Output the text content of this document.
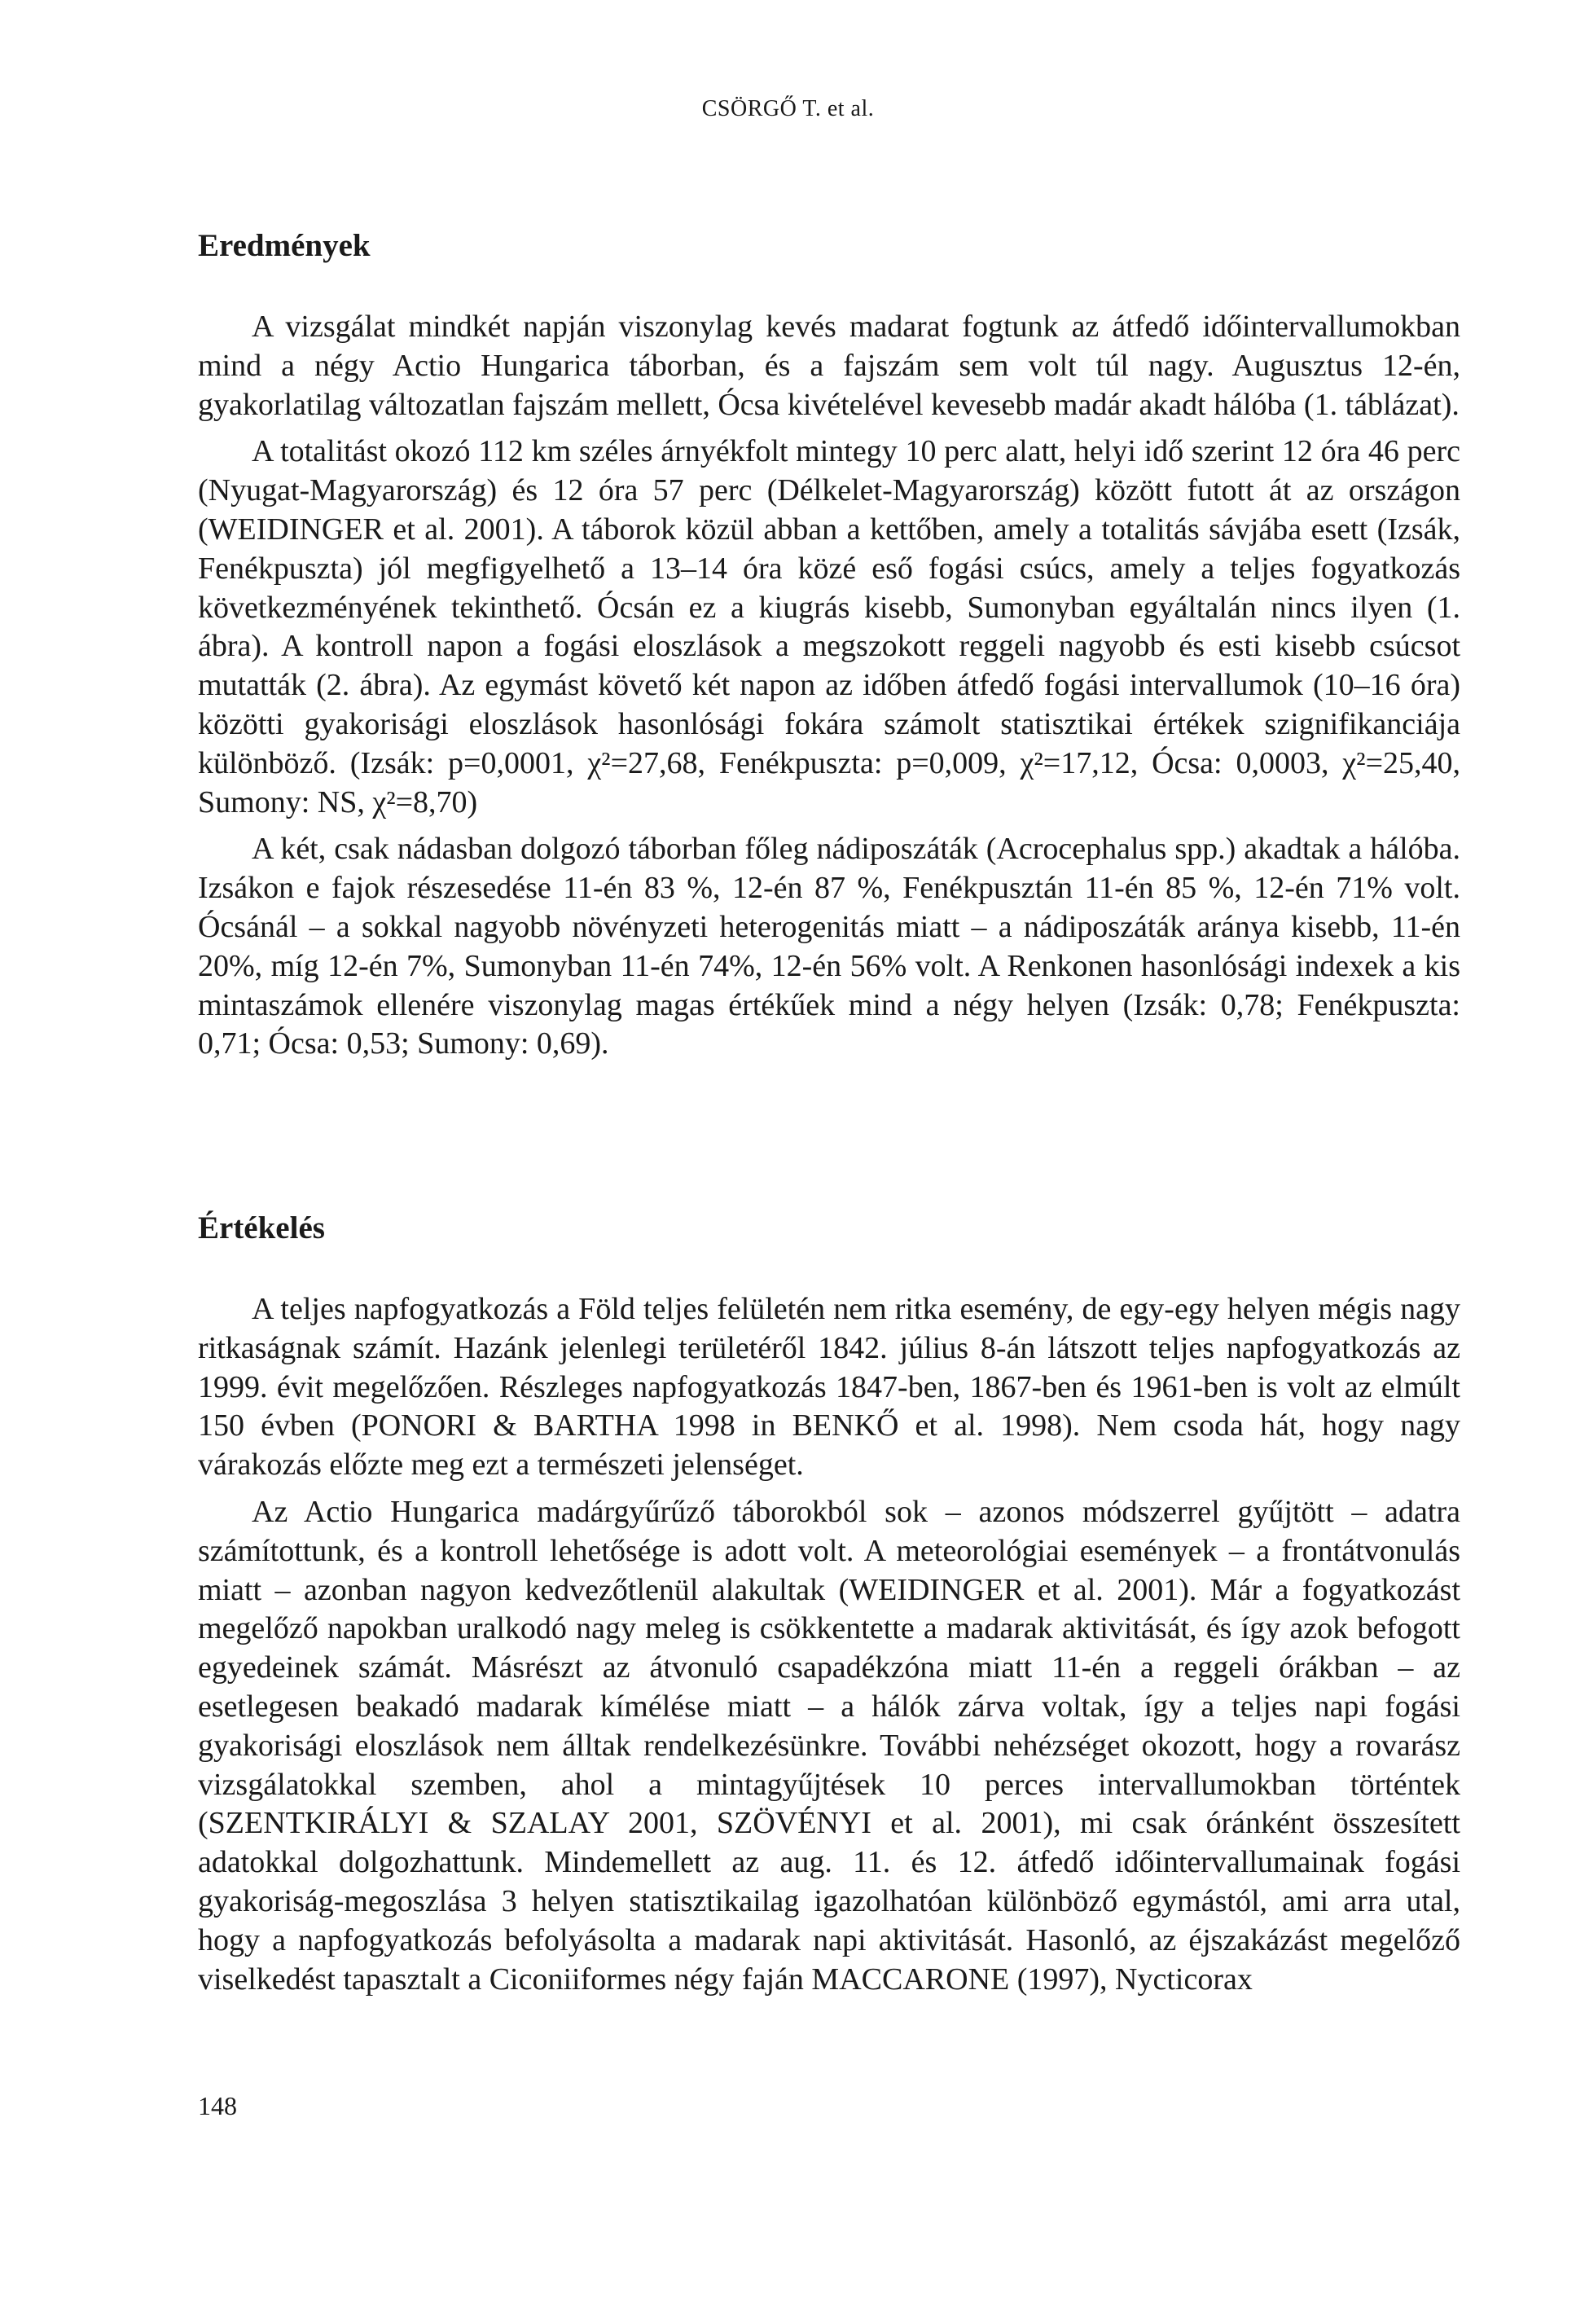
CSÖRGŐ T. et al.
Eredmények

A vizsgálat mindkét napján viszonylag kevés madarat fogtunk az átfedő időintervallumokban mind a négy Actio Hungarica táborban, és a fajszám sem volt túl nagy. Augusztus 12-én, gyakorlatilag változatlan fajszám mellett, Ócsa kivételével kevesebb madár akadt hálóba (1. táblázat).

A totalitást okozó 112 km széles árnyékfolt mintegy 10 perc alatt, helyi idő szerint 12 óra 46 perc (Nyugat-Magyarország) és 12 óra 57 perc (Délkelet-Magyarország) között futott át az országon (WEIDINGER et al. 2001). A táborok közül abban a kettőben, amely a totalitás sávjába esett (Izsák, Fenékpuszta) jól megfigyelhető a 13–14 óra közé eső fogási csúcs, amely a teljes fogyatkozás következményének tekinthető. Ócsán ez a kiugrás kisebb, Sumonyban egyáltalán nincs ilyen (1. ábra). A kontroll napon a fogási eloszlások a megszokott reggeli nagyobb és esti kisebb csúcsot mutatták (2. ábra). Az egymást követő két napon az időben átfedő fogási intervallumok (10–16 óra) közötti gyakorisági eloszlások hasonlósági fokára számolt statisztikai értékek szignifikanciája különböző. (Izsák: p=0,0001, χ²=27,68, Fenékpuszta: p=0,009, χ²=17,12, Ócsa: 0,0003, χ²=25,40, Sumony: NS, χ²=8,70)

A két, csak nádasban dolgozó táborban főleg nádiposzáták (Acrocephalus spp.) akadtak a hálóba. Izsákon e fajok részesedése 11-én 83 %, 12-én 87 %, Fenékpusztán 11-én 85 %, 12-én 71% volt. Ócsánál – a sokkal nagyobb növényzeti heterogenitás miatt – a nádiposzáták aránya kisebb, 11-én 20%, míg 12-én 7%, Sumonyban 11-én 74%, 12-én 56% volt. A Renkonen hasonlósági indexek a kis mintaszámok ellenére viszonylag magas értékűek mind a négy helyen (Izsák: 0,78; Fenékpuszta: 0,71; Ócsa: 0,53; Sumony: 0,69).

Értékelés

A teljes napfogyatkozás a Föld teljes felületén nem ritka esemény, de egy-egy helyen mégis nagy ritkaságnak számít. Hazánk jelenlegi területéről 1842. július 8-án látszott teljes napfogyatkozás az 1999. évit megelőzően. Részleges napfogyatkozás 1847-ben, 1867-ben és 1961-ben is volt az elmúlt 150 évben (PONORI & BARTHA 1998 in BENKŐ et al. 1998). Nem csoda hát, hogy nagy várakozás előzte meg ezt a természeti jelenséget.

Az Actio Hungarica madárgyűrűző táborokból sok – azonos módszerrel gyűjtött – adatra számítottunk, és a kontroll lehetősége is adott volt. A meteorológiai események – a frontátvonulás miatt – azonban nagyon kedvezőtlenül alakultak (WEIDINGER et al. 2001). Már a fogyatkozást megelőző napokban uralkodó nagy meleg is csökkentette a madarak aktivitását, és így azok befogott egyedeinek számát. Másrészt az átvonuló csapadékzóna miatt 11-én a reggeli órákban – az esetlegesen beakadó madarak kímélése miatt – a hálók zárva voltak, így a teljes napi fogási gyakorisági eloszlások nem álltak rendelkezésünkre. További nehézséget okozott, hogy a rovarász vizsgálatokkal szemben, ahol a mintagyűjtések 10 perces intervallumokban történtek (SZENTKIRÁLYI & SZALAY 2001, SZÖVÉNYI et al. 2001), mi csak óránként összesített adatokkal dolgozhattunk. Mindemellett az aug. 11. és 12. átfedő időintervallumainak fogási gyakoriság-megoszlása 3 helyen statisztikailag igazolhatóan különböző egymástól, ami arra utal, hogy a napfogyatkozás befolyásolta a madarak napi aktivitását. Hasonló, az éjszakázást megelőző viselkedést tapasztalt a Ciconiiformes négy faján MACCARONE (1997), Nycticorax

148
